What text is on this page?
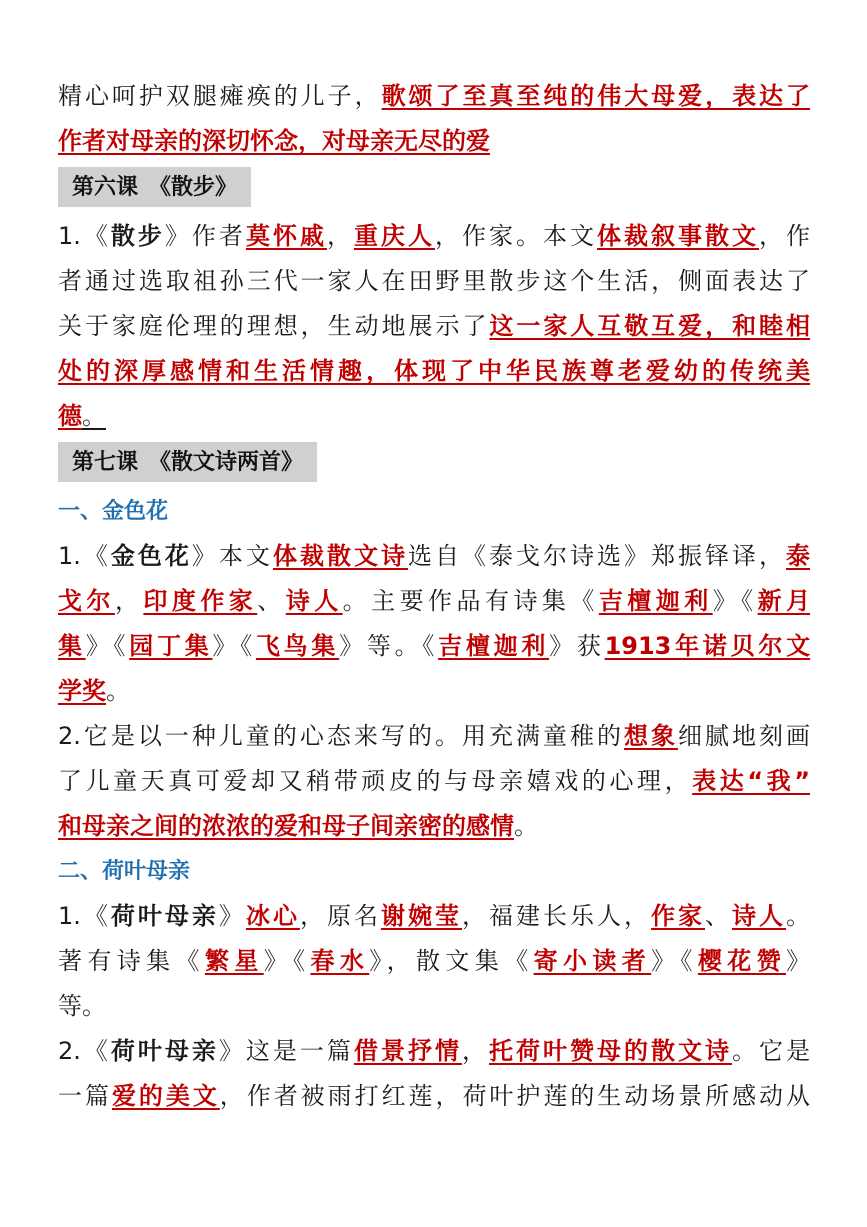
精心呵护双腿瘫痪的儿子，歌颂了至真至纯的伟大母爱，表达了
作者对母亲的深切怀念，对母亲无尽的爱
第六课　《散步》
1.《散步》作者莫怀戚，重庆人，作家。本文体裁叙事散文，作
者通过选取祖孙三代一家人在田野里散步这个生活，侧面表达了
关于家庭伦理的理想，生动地展示了这一家人互敬互爱，和睦相
处的深厚感情和生活情趣，体现了中华民族尊老爱幼的传统美
德。
第七课　《散文诗两首》
一、金色花
1.《金色花》本文体裁散文诗选自《泰戈尔诗选》郑振铎译，泰
戈尔，印度作家、诗人。主要作品有诗集《吉檀迦利》《新月
集》《园丁集》《飞鸟集》等。《吉檀迦利》获1913年诺贝尔文
学奖。
2.它是以一种儿童的心态来写的。用充满童稚的想象细腻地刻画
了儿童天真可爱却又稍带顽皮的与母亲嬉戏的心理，表达“我”
和母亲之间的浓浓的爱和母子间亲密的感情。
二、荷叶母亲
1.《荷叶母亲》冰心，原名谢婉莹，福建长乐人，作家、诗人。
著有诗集《繁星》《春水》，散文集《寄小读者》《樱花赞》
等。
2.《荷叶母亲》这是一篇借景抒情，托荷叶赞母的散文诗。它是
一篇爱的美文，作者被雨打红莲，荷叶护莲的生动场景所感动从
